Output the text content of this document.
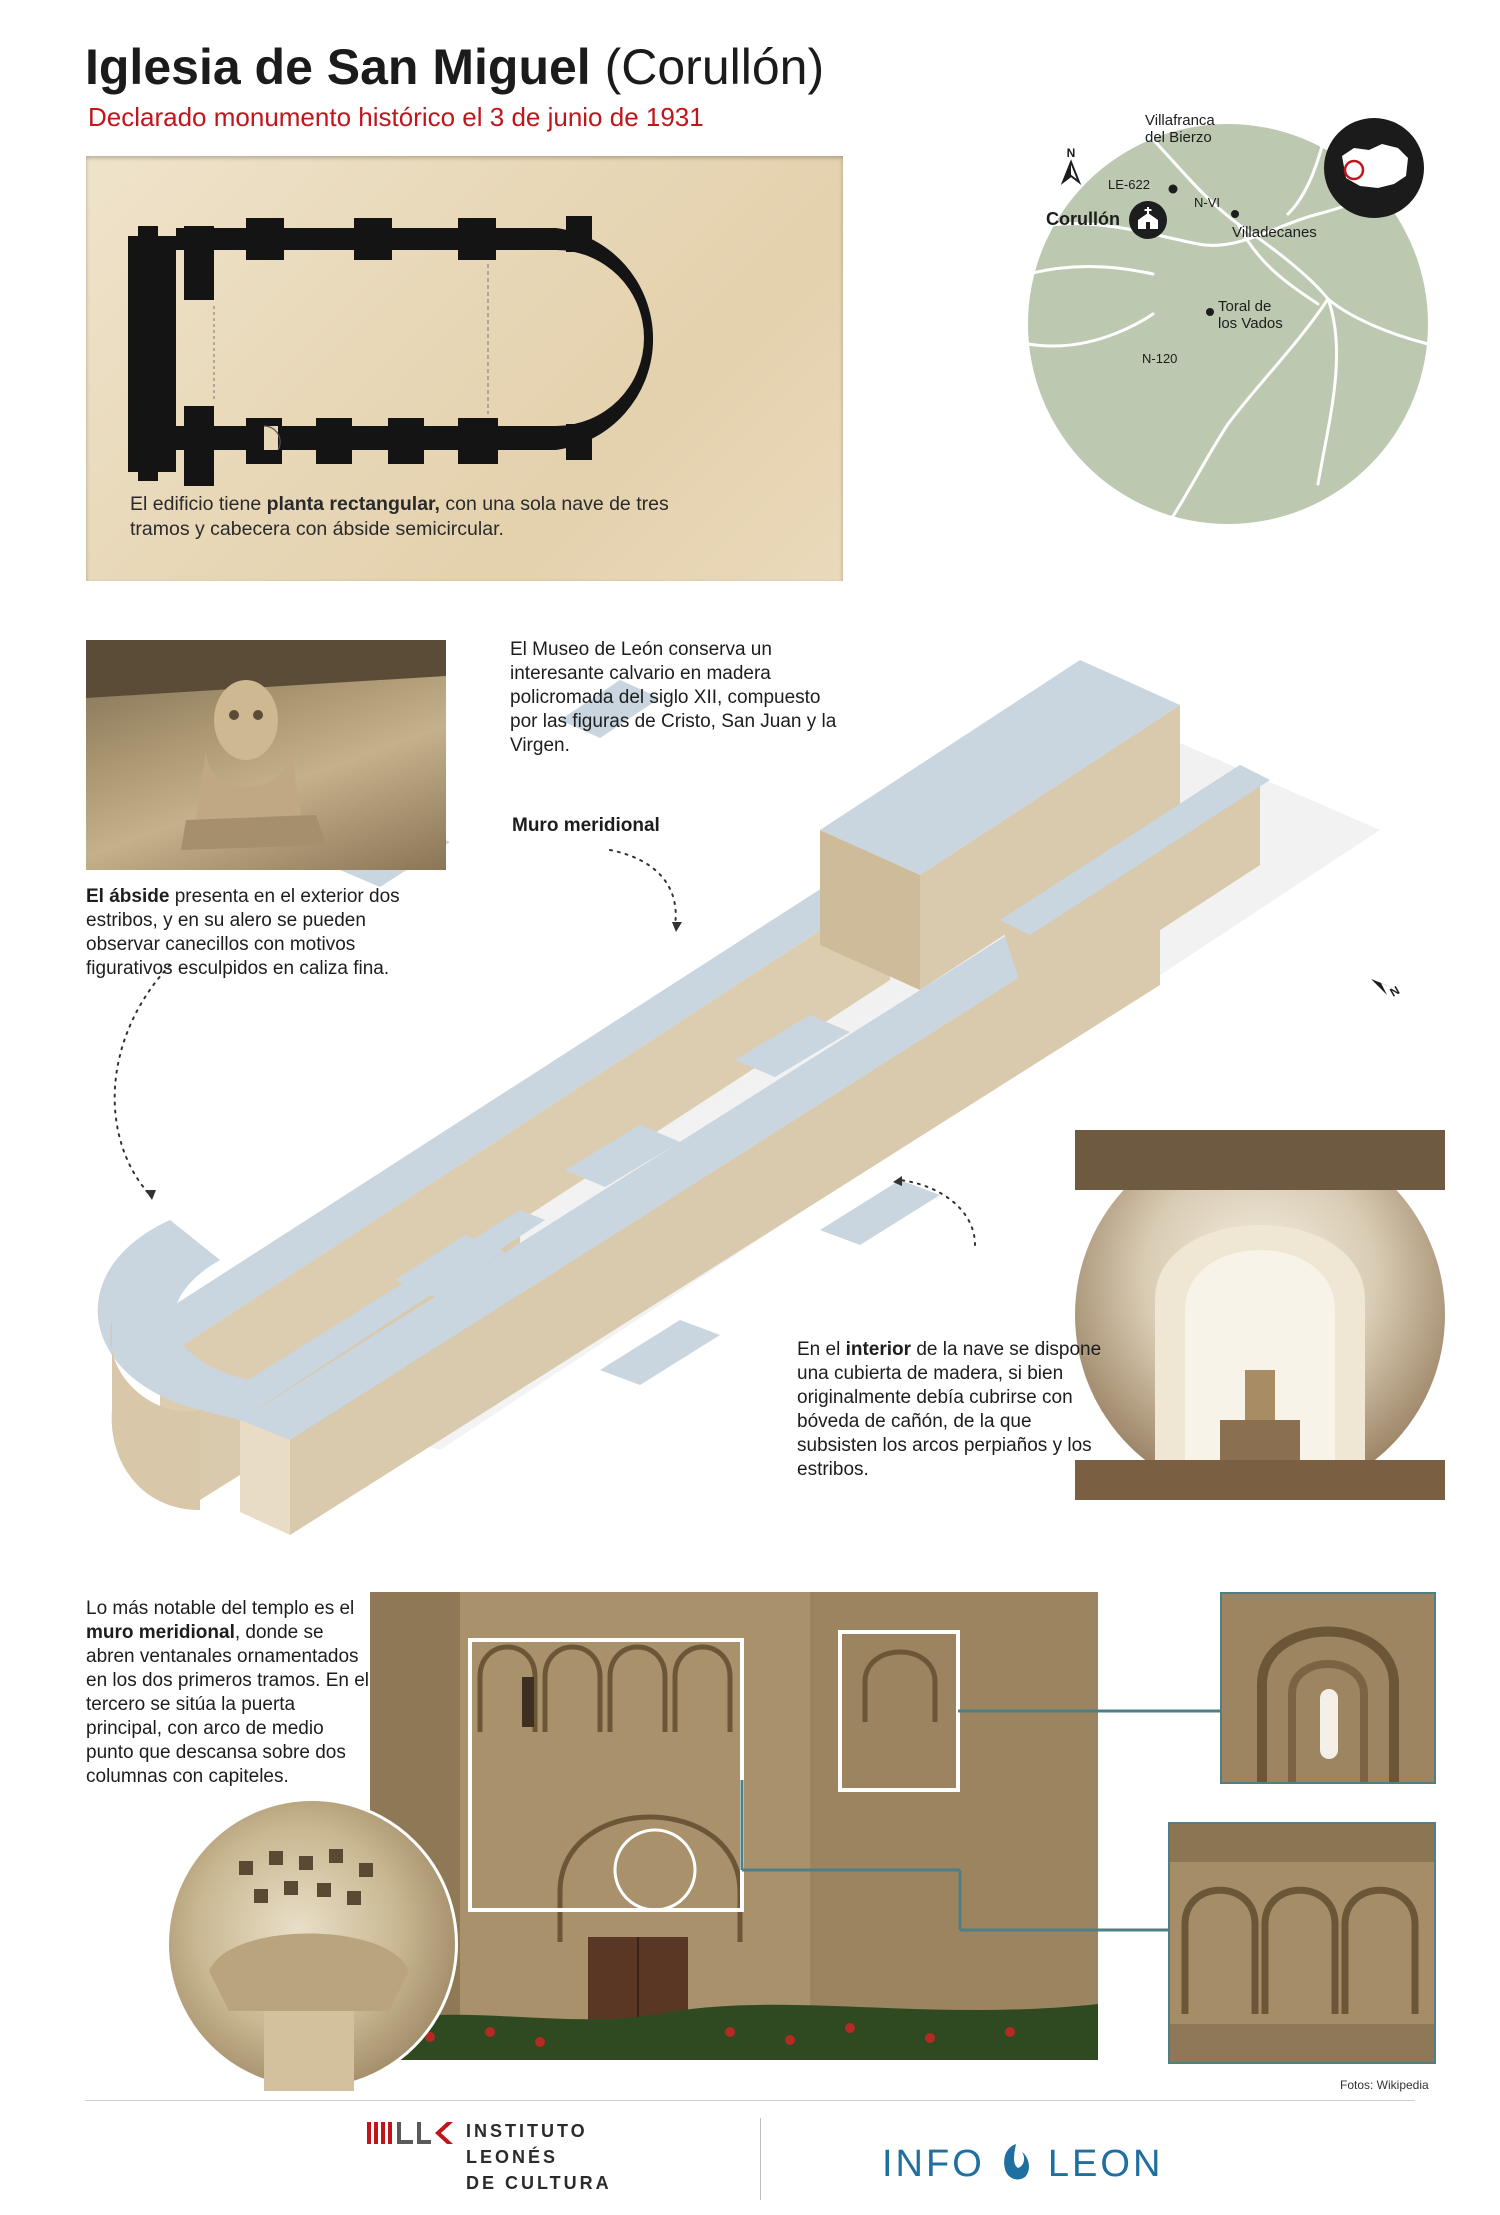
Iglesia de San Miguel (Corullón)
Declarado monumento histórico el 3 de junio de 1931
El edificio tiene planta rectangular, con una sola nave de tres tramos y cabecera con ábside semicircular.
N
Villafranca
del Bierzo
LE-622
N-VI
Corullón
Villadecanes
Toral de
los Vados
N-120
N
El Museo de León conserva un interesante calvario en madera policromada del siglo XII, compuesto por las figuras de Cristo, San Juan y la Virgen.
Muro meridional
El ábside presenta en el exterior dos estribos, y en su alero se pueden observar canecillos con motivos figurativos esculpidos en caliza fina.
En el interior de la nave se dispone una cubierta de madera, si bien originalmente debía cubrirse con bóveda de cañón, de la que subsisten los arcos perpiaños y los estribos.
Lo más notable del templo es el muro meridional, donde se abren ventanales ornamentados en los dos primeros tramos. En el tercero se sitúa la puerta principal, con arco de medio punto que descansa sobre dos columnas con capiteles.
Fotos: Wikipedia
INSTITUTO
LEONÉS
DE CULTURA	INFO LEON
